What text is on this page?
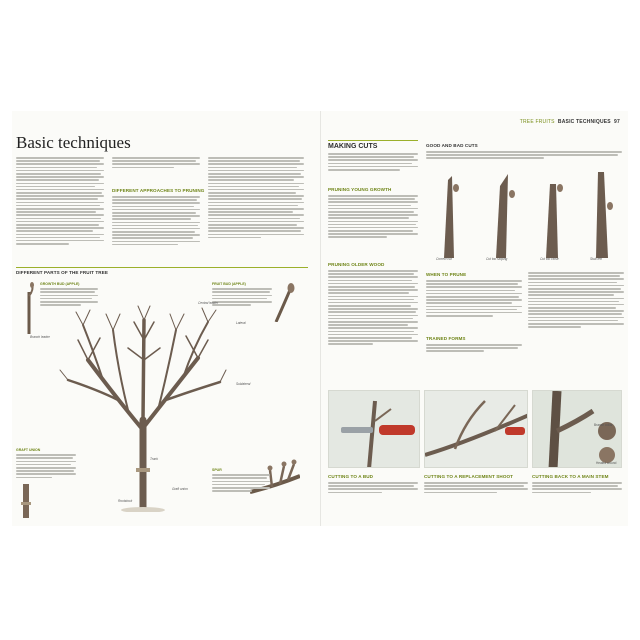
TREE FRUITS BASIC TECHNIQUES 97
Basic techniques
DIFFERENT APPROACHES TO PRUNING
DIFFERENT PARTS OF THE FRUIT TREE
GROWTH BUD (APPLE)	FRUIT BUD (APPLE)
Branch leader
Lateral
Sublateral
Central leader
Trunk
Graft union
Rootstock
GRAFT UNION
SPUR
MAKING CUTS
PRUNING YOUNG GROWTH
PRUNING OLDER WOOD
GOOD AND BAD CUTS
Correct cut	Cut too sloping	Cut too close	Stub left
WHEN TO PRUNE
TRAINED FORMS
Branch collar
Healed wound
CUTTING TO A BUD	CUTTING TO A REPLACEMENT SHOOT	CUTTING BACK TO A MAIN STEM
